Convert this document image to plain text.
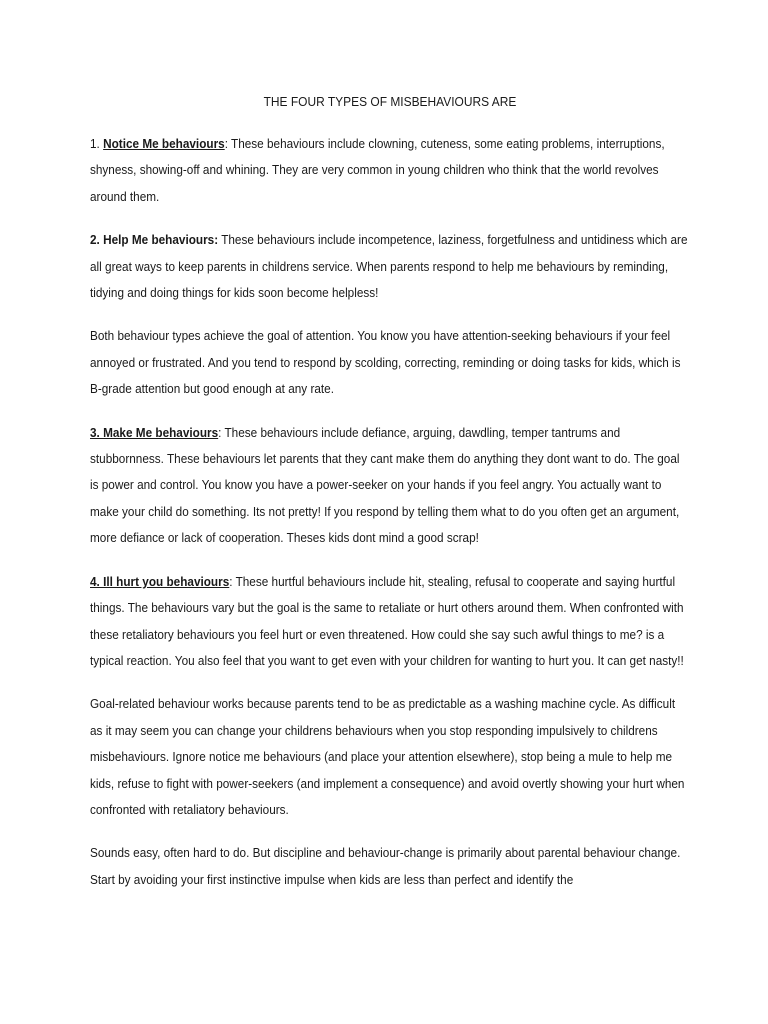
THE FOUR TYPES OF MISBEHAVIOURS ARE

1. Notice Me behaviours: These behaviours include clowning, cuteness, some eating problems, interruptions, shyness, showing-off and whining. They are very common in young children who think that the world revolves around them.

2. Help Me behaviours: These behaviours include incompetence, laziness, forgetfulness and untidiness which are all great ways to keep parents in childrens service. When parents respond to help me behaviours by reminding, tidying and doing things for kids soon become helpless!

Both behaviour types achieve the goal of attention. You know you have attention-seeking behaviours if your feel annoyed or frustrated. And you tend to respond by scolding, correcting, reminding or doing tasks for kids, which is B-grade attention but good enough at any rate.

3. Make Me behaviours: These behaviours include defiance, arguing, dawdling, temper tantrums and stubbornness. These behaviours let parents that they cant make them do anything they dont want to do. The goal is power and control. You know you have a power-seeker on your hands if you feel angry. You actually want to make your child do something. Its not pretty! If you respond by telling them what to do you often get an argument, more defiance or lack of cooperation. Theses kids dont mind a good scrap!

4. Ill hurt you behaviours: These hurtful behaviours include hit, stealing, refusal to cooperate and saying hurtful things. The behaviours vary but the goal is the same to retaliate or hurt others around them. When confronted with these retaliatory behaviours you feel hurt or even threatened. How could she say such awful things to me? is a typical reaction. You also feel that you want to get even with your children for wanting to hurt you. It can get nasty!!

Goal-related behaviour works because parents tend to be as predictable as a washing machine cycle. As difficult as it may seem you can change your childrens behaviours when you stop responding impulsively to childrens misbehaviours. Ignore notice me behaviours (and place your attention elsewhere), stop being a mule to help me kids, refuse to fight with power-seekers (and implement a consequence) and avoid overtly showing your hurt when confronted with retaliatory behaviours.

Sounds easy, often hard to do. But discipline and behaviour-change is primarily about parental behaviour change. Start by avoiding your first instinctive impulse when kids are less than perfect and identify the
